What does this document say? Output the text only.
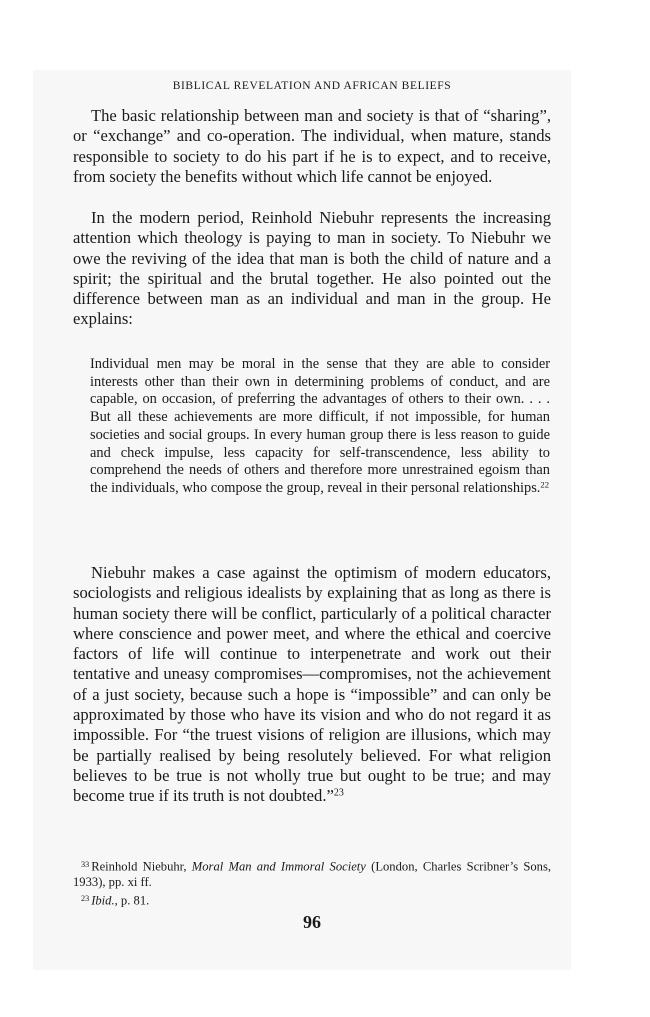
BIBLICAL REVELATION AND AFRICAN BELIEFS

The basic relationship between man and society is that of “sharing”, or “exchange” and co-operation. The individual, when mature, stands responsible to society to do his part if he is to expect, and to receive, from society the benefits without which life cannot be enjoyed.

In the modern period, Reinhold Niebuhr represents the increasing attention which theology is paying to man in society. To Niebuhr we owe the reviving of the idea that man is both the child of nature and a spirit; the spiritual and the brutal together. He also pointed out the difference between man as an individual and man in the group. He explains:

Individual men may be moral in the sense that they are able to consider interests other than their own in determining problems of conduct, and are capable, on occasion, of preferring the advantages of others to their own. . . . But all these achievements are more difficult, if not impossible, for human societies and social groups. In every human group there is less reason to guide and check impulse, less capacity for self-transcendence, less ability to comprehend the needs of others and therefore more unrestrained egoism than the individuals, who compose the group, reveal in their personal relationships.$^{22}$

Niebuhr makes a case against the optimism of modern educators, sociologists and religious idealists by explaining that as long as there is human society there will be conflict, particularly of a political character where conscience and power meet, and where the ethical and coercive factors of life will continue to interpenetrate and work out their tentative and uneasy compromises—compromises, not the achievement of a just society, because such a hope is “impossible” and can only be approximated by those who have its vision and who do not regard it as impossible. For “the truest visions of religion are illusions, which may be partially realised by being resolutely believed. For what religion believes to be true is not wholly true but ought to be true; and may become true if its truth is not doubted.”$^{23}$

$^{33}$ Reinhold Niebuhr, Moral Man and Immoral Society (London, Charles Scribner’s Sons, 1933), pp. xi ff.
$^{23}$ Ibid., p. 81.
96
